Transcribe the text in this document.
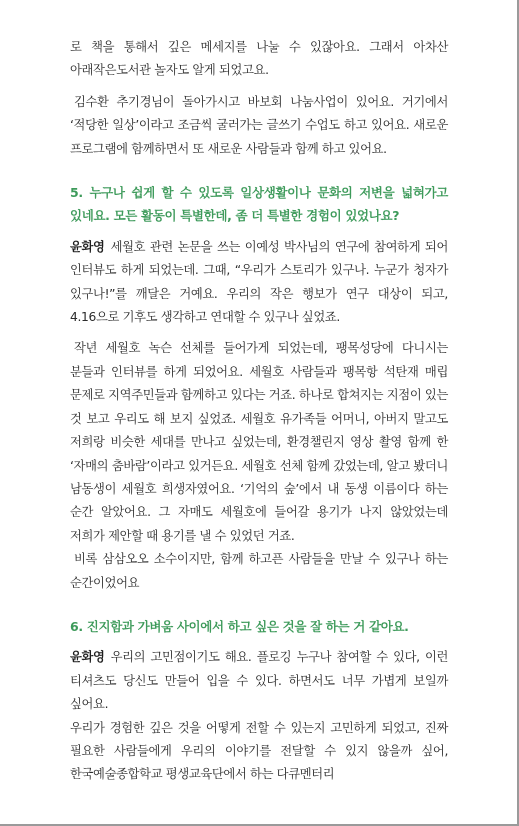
로 책을 통해서 깊은 메세지를 나눌 수 있잖아요. 그래서 아차산 아래작은도서관 놀자도 알게 되었고요.

김수환 추기경님이 돌아가시고 바보회 나눔사업이 있어요. 거기에서 ‘적당한 일상’이라고 조금씩 굴러가는 글쓰기 수업도 하고 있어요. 새로운 프로그램에 함께하면서 또 새로운 사람들과 함께 하고 있어요.

5. 누구나 쉽게 할 수 있도록 일상생활이나 문화의 저변을 넓혀가고 있네요. 모든 활동이 특별한데, 좀 더 특별한 경험이 있었나요?

윤화영 세월호 관련 논문을 쓰는 이예성 박사님의 연구에 참여하게 되어 인터뷰도 하게 되었는데. 그때, “우리가 스토리가 있구나. 누군가 청자가 있구나!”를 깨달은 거예요. 우리의 작은 행보가 연구 대상이 되고, 4.16으로 기후도 생각하고 연대할 수 있구나 싶었죠.

작년 세월호 녹슨 선체를 들어가게 되었는데, 팽목성당에 다니시는 분들과 인터뷰를 하게 되었어요. 세월호 사람들과 팽목항 석탄재 매립 문제로 지역주민들과 함께하고 있다는 거죠. 하나로 합쳐지는 지점이 있는 것 보고 우리도 해 보지 싶었죠. 세월호 유가족들 어머니, 아버지 말고도 저희랑 비슷한 세대를 만나고 싶었는데, 환경챌린지 영상 촬영 함께 한 ‘자매의 춤바람’이라고 있거든요. 세월호 선체 함께 갔었는데, 알고 봤더니 남동생이 세월호 희생자였어요. ‘기억의 숲’에서 내 동생 이름이다 하는 순간 알았어요. 그 자매도 세월호에 들어갈 용기가 나지 않았었는데 저희가 제안할 때 용기를 낼 수 있었던 거죠.

비록 삼삼오오 소수이지만, 함께 하고픈 사람들을 만날 수 있구나 하는 순간이었어요

6. 진지함과 가벼움 사이에서 하고 싶은 것을 잘 하는 거 같아요.

윤화영 우리의 고민점이기도 해요. 플로깅 누구나 참여할 수 있다, 이런 티셔츠도 당신도 만들어 입을 수 있다. 하면서도 너무 가볍게 보일까 싶어요.

우리가 경험한 깊은 것을 어떻게 전할 수 있는지 고민하게 되었고, 진짜 필요한 사람들에게 우리의 이야기를 전달할 수 있지 않을까 싶어, 한국예술종합학교 평생교육단에서 하는 다큐멘터리
